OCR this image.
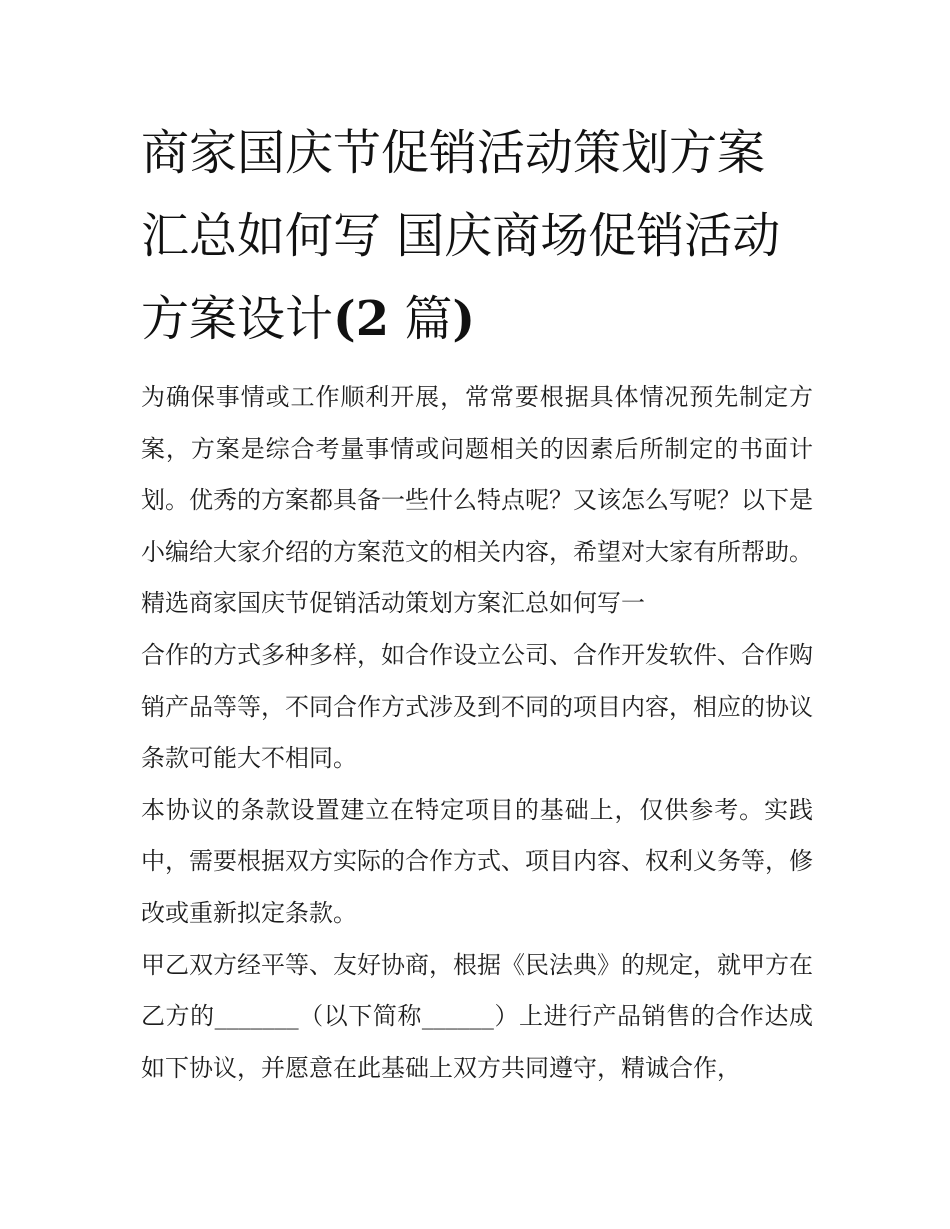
商家国庆节促销活动策划方案
汇总如何写 国庆商场促销活动
方案设计(2 篇)

为确保事情或工作顺利开展，常常要根据具体情况预先制定方案，方案是综合考量事情或问题相关的因素后所制定的书面计划。优秀的方案都具备一些什么特点呢？又该怎么写呢？以下是小编给大家介绍的方案范文的相关内容，希望对大家有所帮助。

精选商家国庆节促销活动策划方案汇总如何写一

合作的方式多种多样，如合作设立公司、合作开发软件、合作购销产品等等，不同合作方式涉及到不同的项目内容，相应的协议条款可能大不相同。

本协议的条款设置建立在特定项目的基础上，仅供参考。实践中，需要根据双方实际的合作方式、项目内容、权利义务等，修改或重新拟定条款。

甲乙双方经平等、友好协商，根据《民法典》的规定，就甲方在乙方的_______（以下简称______）上进行产品销售的合作达成如下协议，并愿意在此基础上双方共同遵守，精诚合作，
